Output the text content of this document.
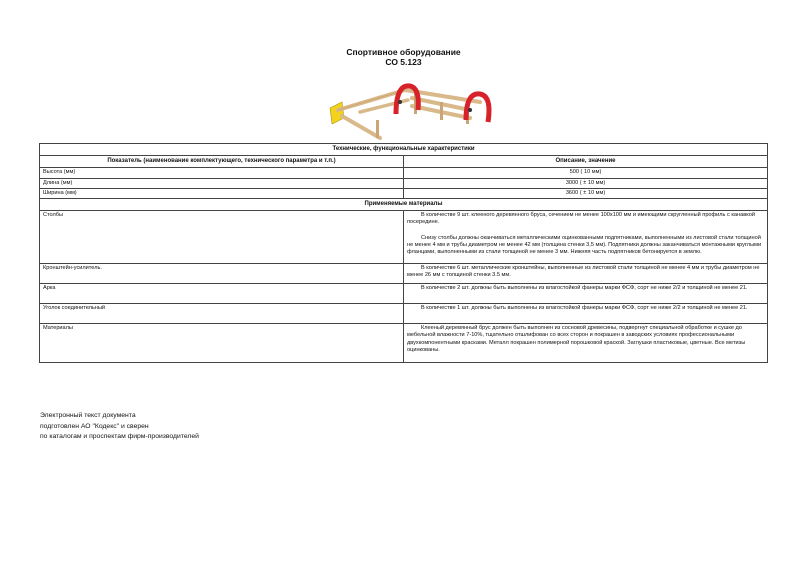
Спортивное оборудование
СО 5.123
Технические, функциональные характеристики	
Показатель (наименование комплектующего, технического параметра и т.п.)	Описание, значение
Высота (мм)	500 ( 10 мм)
Длина (мм)	3000 ( ± 10 мм)
Ширина (мм)	3600 ( ± 10 мм)
Применяемые материалы	
Столбы	В количестве 9 шт. клееного деревянного бруса, сечением не менее 100х100 мм и имеющими скругленный профиль с канавкой посередине.

Снизу столбы должны оканчиваться металлическими оцинкованными подпятниками, выполненными из листовой стали толщиной не менее 4 мм и трубы диаметром не менее 42 мм (толщина стенки 3,5 мм). Подпятники должны заканчиваться монтажными круглыми фланцами, выполненными из стали толщиной не менее 3 мм. Нижняя часть подпятников бетонируется в землю.

Кронштейн-усилитель.	В количестве 6 шт. металлические кронштейны, выполненные из листовой стали толщиной не менее 4 мм и трубы диаметром не менее 26 мм с толщиной стенки 3.5 мм.

Арка	В количестве 2 шт. должны быть выполнены из влагостойкой фанеры марки ФСФ, сорт не ниже 2/2 и толщиной не менее 21.

Уголок соединительный	В количестве 1 шт. должны быть выполнены из влагостойкой фанеры марки ФСФ, сорт не ниже 2/2 и толщиной не менее 21.

Материалы	Клееный деревянный брус должен быть выполнен из сосновой древесины, подвергнут специальной обработке и сушке до мебельной влажности 7-10%, тщательно отшлифован со всех сторон и покрашен в заводских условиях профессиональными двухкомпонентными красками. Металл покрашен полимерной порошковой краской. Заглушки пластиковые, цветные. Все метизы оцинкованы.

Электронный текст документа
подготовлен АО "Кодекс" и сверен
по каталогам и проспектам фирм-производителей
